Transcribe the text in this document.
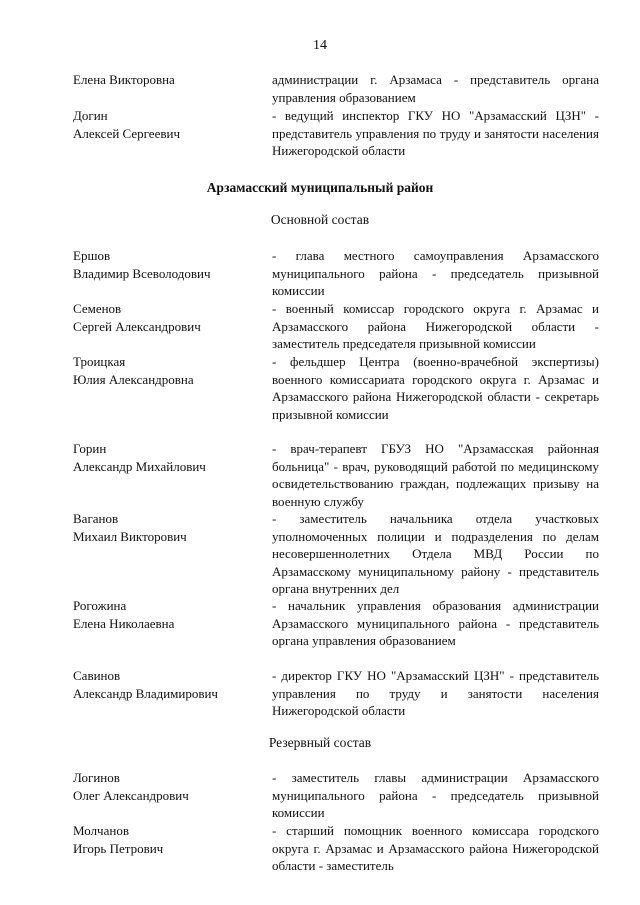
14
Елена Викторовна	администрации г. Арзамаса - представитель органа управления образованием
Догин
Алексей Сергеевич
- ведущий инспектор ГКУ НО "Арзамасский ЦЗН" - представитель управления по труду и занятости населения Нижегородской области
Арзамасский муниципальный район
Основной состав
Ершов
Владимир Всеволодович
- глава местного самоуправления Арзамасского муниципального района - председатель призывной комиссии
Семенов
Сергей Александрович
- военный комиссар городского округа г. Арзамас и Арзамасского района Нижегородской области - заместитель председателя призывной комиссии
Троицкая
Юлия Александровна
- фельдшер Центра (военно-врачебной экспертизы) военного комиссариата городского округа г. Арзамас и Арзамасского района Нижегородской области - секретарь призывной комиссии
Горин
Александр Михайлович
- врач-терапевт ГБУЗ НО "Арзамасская районная больница" - врач, руководящий работой по медицинскому освидетельствованию граждан, подлежащих призыву на военную службу
Ваганов
Михаил Викторович
- заместитель начальника отдела участковых уполномоченных полиции и подразделения по делам несовершеннолетних Отдела МВД России по Арзамасскому муниципальному району - представитель органа внутренних дел
Рогожина
Елена Николаевна
- начальник управления образования администрации Арзамасского муниципального района - представитель органа управления образованием
Савинов
Александр Владимирович
- директор ГКУ НО "Арзамасский ЦЗН" - представитель управления по труду и занятости населения Нижегородской области
Резервный состав
Логинов
Олег Александрович
- заместитель главы администрации Арзамасского муниципального района - председатель призывной комиссии
Молчанов
Игорь Петрович
- старший помощник военного комиссара городского округа г. Арзамас и Арзамасского района Нижегородской области - заместитель
